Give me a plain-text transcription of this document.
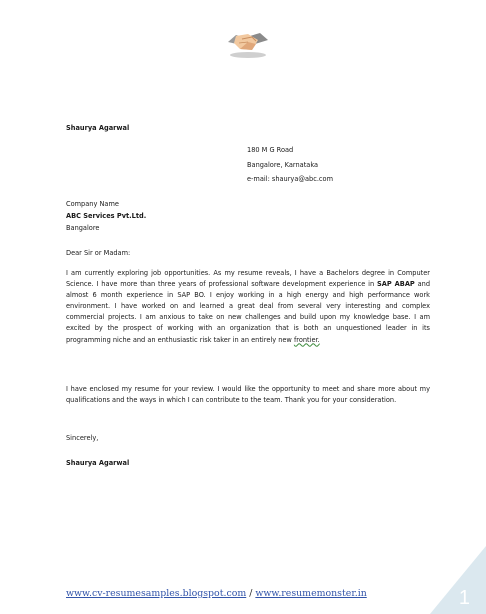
Shaurya Agarwal
180 M G Road
Bangalore, Karnataka
e-mail: shaurya@abc.com
Company Name
ABC Services Pvt.Ltd.
Bangalore
Dear Sir or Madam:
I am currently exploring job opportunities. As my resume reveals, I have a Bachelors degree in Computer Science. I have more than three years of professional software development experience in SAP ABAP and almost 6 month experience in SAP BO. I enjoy working in a high energy and high performance work environment. I have worked on and learned a great deal from several very interesting and complex commercial projects. I am anxious to take on new challenges and build upon my knowledge base. I am excited by the prospect of working with an organization that is both an unquestioned leader in its programming niche and an enthusiastic risk taker in an entirely new frontier.
I have enclosed my resume for your review. I would like the opportunity to meet and share more about my qualifications and the ways in which I can contribute to the team. Thank you for your consideration.
Sincerely,
Shaurya Agarwal
www.cv-resumesamples.blogspot.com / www.resumemonster.in	1
